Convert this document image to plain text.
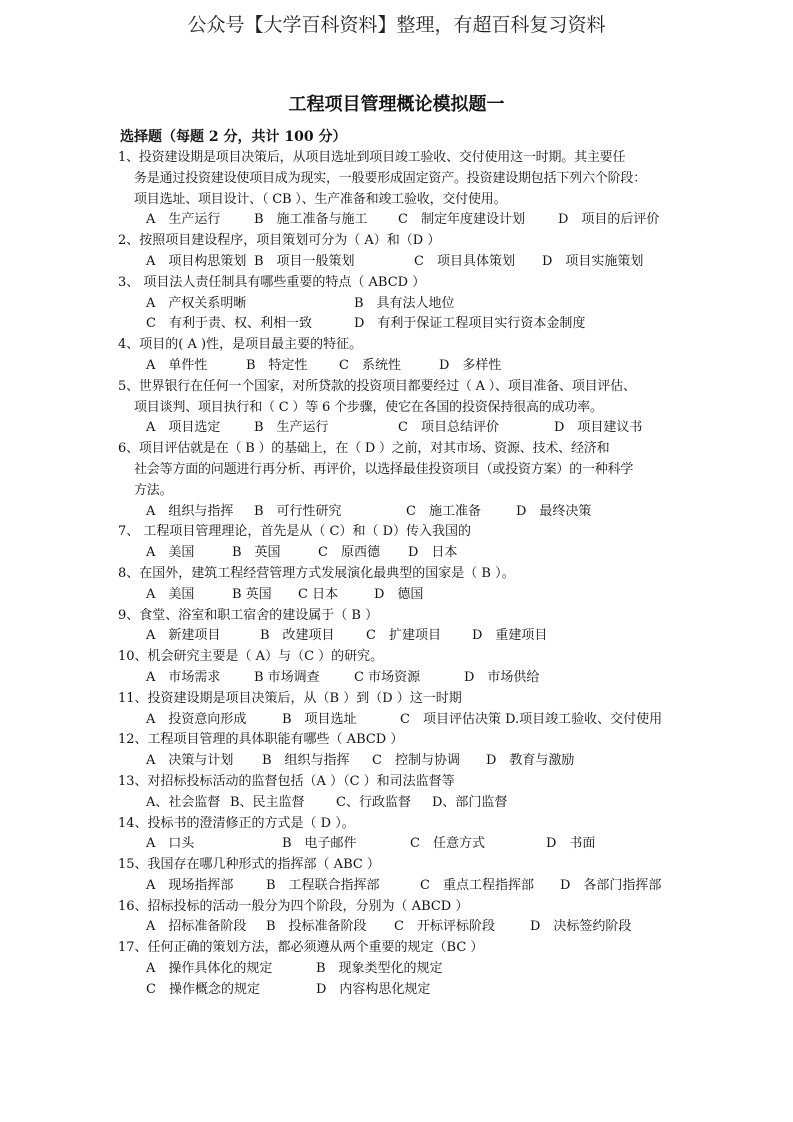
公众号【大学百科资料】整理，有超百科复习资料
工程项目管理概论模拟题一
选择题（每题 2 分，共计 100 分）
1、投资建设期是项目决策后，从项目选址到项目竣工验收、交付使用这一时期。其主要任
务是通过投资建设使项目成为现实，一般要形成固定资产。投资建设期包括下列六个阶段：
项目选址、项目设计、（ CB ）、生产准备和竣工验收，交付使用。
A　生产运行	B　施工准备与施工 C　制定年度建设计划	D　项目的后评价
2、按照项目建设程序，项目策划可分为（ A）和（D ）
A　项目构思策划 B　项目一般策划	C　项目具体策划 D　项目实施策划
3、 项目法人责任制具有哪些重要的特点（ ABCD ）
A　产权关系明晰	B　具有法人地位
C　有利于责、权、利相一致	D　有利于保证工程项目实行资本金制度
4、项目的( A )性，是项目最主要的特征。
A　单件性	B　特定性 C　系统性	D　多样性
5、世界银行在任何一个国家，对所贷款的投资项目都要经过（ A ）、项目准备、项目评估、
项目谈判、项目执行和（ C ）等 6 个步骤，使它在各国的投资保持很高的成功率。
A　项目选定	B　生产运行	C　项目总结评价	D　项目建议书
6、项目评估就是在（ B ）的基础上，在（ D ）之前，对其市场、资源、技术、经济和
社会等方面的问题进行再分析、再评价，以选择最佳投资项目（或投资方案）的一种科学
方法。
A　组织与指挥 B　可行性研究	C　施工准备	D　最终决策
7、 工程项目管理理论，首先是从（ C）和（ D）传入我国的
A　美国	B　英国	C　原西德 D　日本
8、在国外，建筑工程经营管理方式发展演化最典型的国家是（ B ）。
A　美国	B 英国 C 日本	D　德国
9、食堂、浴室和职工宿舍的建设属于（ B ）
A　新建项目	B　改建项目 C　扩建项目 D　重建项目
10、机会研究主要是（ A）与（C ）的研究。
A　市场需求	B 市场调查	C 市场资源	D　市场供给
11、投资建设期是项目决策后，从（B ）到（D ）这一时期
A　投资意向形成	B　项目选址	C　项目评估决策 D.项目竣工验收、交付使用
12、工程项目管理的具体职能有哪些（ ABCD ）
A　决策与计划 B　组织与指挥 C　控制与协调 D　教育与激励
13、对招标投标活动的监督包括（A ）（C ）和司法监督等
A、社会监督 B、民主监督 C、行政监督 D、部门监督
14、投标书的澄清修正的方式是（ D ）。
A　口头	B　电子邮件	C　任意方式	D　书面
15、我国存在哪几种形式的指挥部（ ABC ）
A　现场指挥部	B　工程联合指挥部	C　重点工程指挥部 D　各部门指挥部
16、招标投标的活动一般分为四个阶段，分别为（ ABCD ）
A　招标准备阶段 B　投标准备阶段 C　开标评标阶段	D　决标签约阶段
17、任何正确的策划方法，都必须遵从两个重要的规定（BC ）
A　操作具体化的规定	B　现象类型化的规定
C　操作概念的规定	D　内容构思化规定
